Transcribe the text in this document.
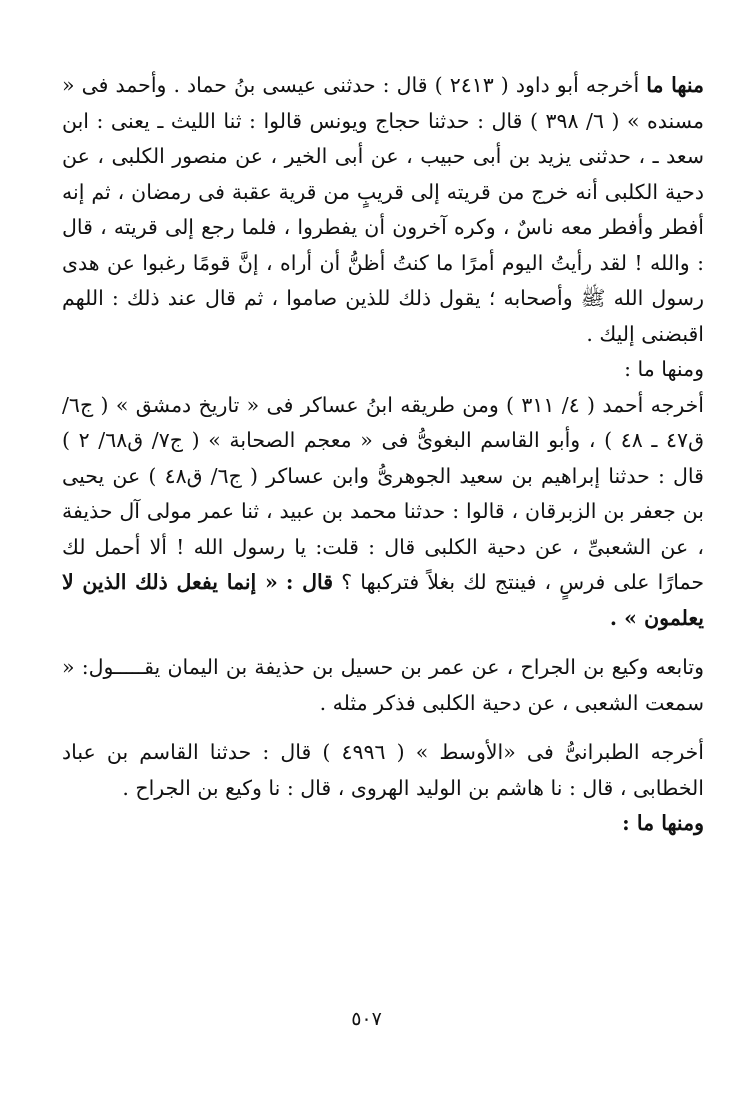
منها ما أخرجه أبو داود ( ٢٤١٣ ) قال : حدثنى عيسى بنُ حماد . وأحمد فى « مسنده » ( ٦/ ٣٩٨ ) قال : حدثنا حجاج ويونس قالوا : ثنا الليث ـ يعنى : ابن سعد ـ ، حدثنى يزيد بن أبى حبيب ، عن أبى الخير ، عن منصور الكلبى ، عن دحية الكلبى أنه خرج من قريته إلى قريبٍ من قرية عقبة فى رمضان ، ثم إنه أفطر وأفطر معه ناسٌ ، وكره آخرون أن يفطروا ، فلما رجع إلى قريته ، قال : والله ! لقد رأيتُ اليوم أمرًا ما كنتُ أظنُّ أن أراه ، إنَّ قومًا رغبوا عن هدى رسول الله ﷺ وأصحابه ؛ يقول ذلك للذين صاموا ، ثم قال عند ذلك : اللهم اقبضنى إليك .

ومنها ما :

أخرجه أحمد ( ٤/ ٣١١ ) ومن طريقه ابنُ عساكر فى « تاريخ دمشق » ( ج٦/ ق٤٧ ـ ٤٨ ) ، وأبو القاسم البغوىُّ فى « معجم الصحابة » ( ج٧/ ق٦٨/ ٢ ) قال : حدثنا إبراهيم بن سعيد الجوهرىُّ وابن عساكر ( ج٦/ ق٤٨ ) عن يحيى بن جعفر بن الزبرقان ، قالوا : حدثنا محمد بن عبيد ، ثنا عمر مولى آل حذيفة ، عن الشعبىِّ ، عن دحية الكلبى قال : قلت: يا رسول الله ! ألا أحمل لك حمارًا على فرسٍ ، فينتج لك بغلاً فتركبها ؟ قال : « إنما يفعل ذلك الذين لا يعلمون » .

وتابعه وكيع بن الجراح ، عن عمر بن حسيل بن حذيفة بن اليمان يقـــــول: « سمعت الشعبى ، عن دحية الكلبى فذكر مثله .

أخرجه الطبرانىُّ فى «الأوسط » ( ٤٩٩٦ ) قال : حدثنا القاسم بن عباد الخطابى ، قال : نا هاشم بن الوليد الهروى ، قال : نا وكيع بن الجراح .

ومنها ما :

٥٠٧
